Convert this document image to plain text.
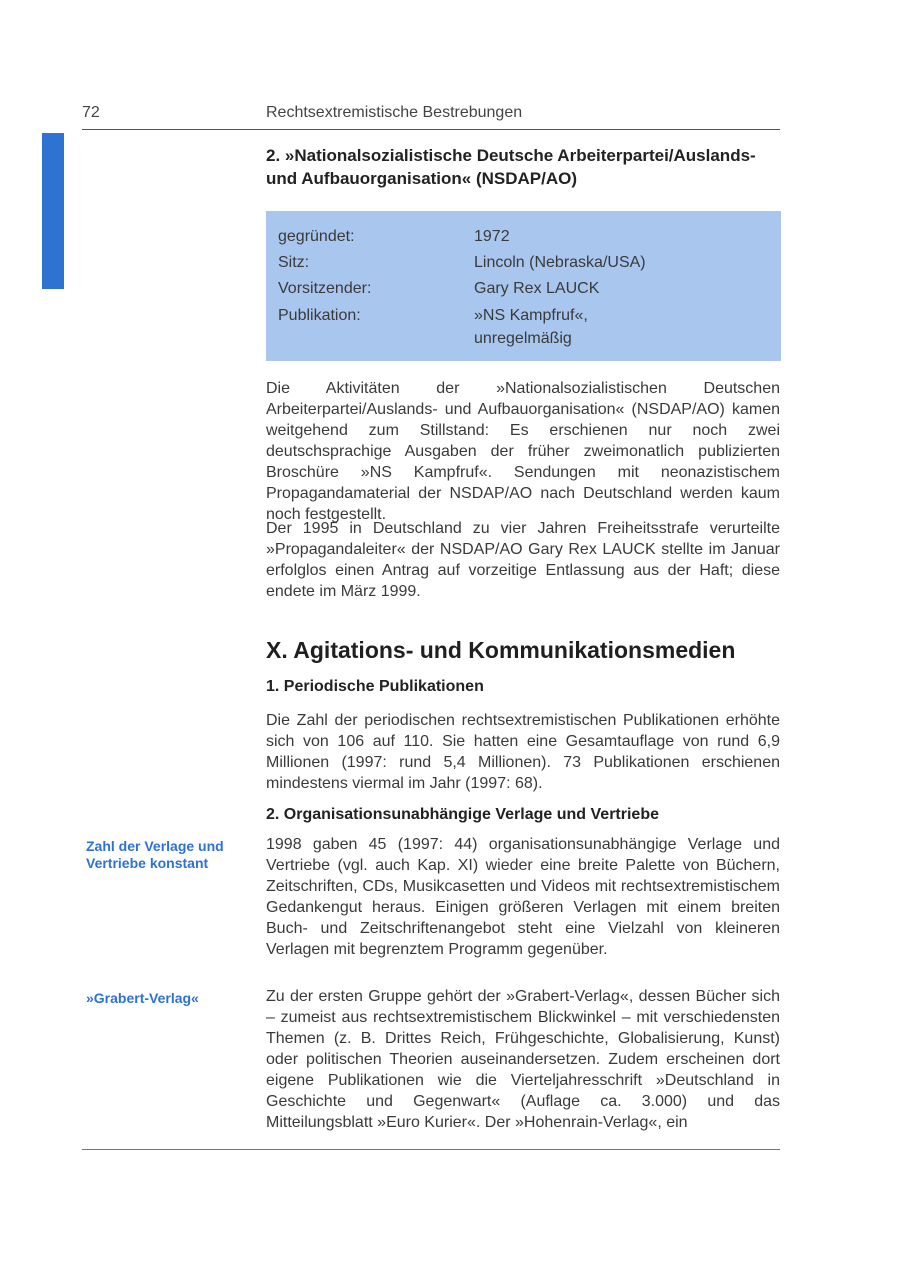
72	Rechtsextremistische Bestrebungen
2. »Nationalsozialistische Deutsche Arbeiterpartei/Auslands- und Aufbauorganisation« (NSDAP/AO)
gegründet:	1972
Sitz:	Lincoln (Nebraska/USA)
Vorsitzender:	Gary Rex LAUCK
Publikation:	»NS Kampfruf«,
unregelmäßig
Die Aktivitäten der »Nationalsozialistischen Deutschen Arbeiterpartei/Auslands- und Aufbauorganisation« (NSDAP/AO) kamen weitgehend zum Stillstand: Es erschienen nur noch zwei deutschsprachige Ausgaben der früher zweimonatlich publizierten Broschüre »NS Kampfruf«. Sendungen mit neonazistischem Propagandamaterial der NSDAP/AO nach Deutschland werden kaum noch festgestellt.
Der 1995 in Deutschland zu vier Jahren Freiheitsstrafe verurteilte »Propagandaleiter« der NSDAP/AO Gary Rex LAUCK stellte im Januar erfolglos einen Antrag auf vorzeitige Entlassung aus der Haft; diese endete im März 1999.
X. Agitations- und Kommunikationsmedien
1. Periodische Publikationen
Die Zahl der periodischen rechtsextremistischen Publikationen erhöhte sich von 106 auf 110. Sie hatten eine Gesamtauflage von rund 6,9 Millionen (1997: rund 5,4 Millionen). 73 Publikationen erschienen mindestens viermal im Jahr (1997: 68).
2. Organisationsunabhängige Verlage und Vertriebe
Zahl der Verlage und Vertriebe konstant
1998 gaben 45 (1997: 44) organisationsunabhängige Verlage und Vertriebe (vgl. auch Kap. XI) wieder eine breite Palette von Büchern, Zeitschriften, CDs, Musikcasetten und Videos mit rechtsextremistischem Gedankengut heraus. Einigen größeren Verlagen mit einem breiten Buch- und Zeitschriftenangebot steht eine Vielzahl von kleineren Verlagen mit begrenztem Programm gegenüber.
»Grabert-Verlag«	Zu der ersten Gruppe gehört der »Grabert-Verlag«, dessen Bücher sich – zumeist aus rechtsextremistischem Blickwinkel – mit verschiedensten Themen (z. B. Drittes Reich, Frühgeschichte, Globalisierung, Kunst) oder politischen Theorien auseinandersetzen. Zudem erscheinen dort eigene Publikationen wie die Vierteljahresschrift »Deutschland in Geschichte und Gegenwart« (Auflage ca. 3.000) und das Mitteilungsblatt »Euro Kurier«. Der »Hohenrain-Verlag«, ein
